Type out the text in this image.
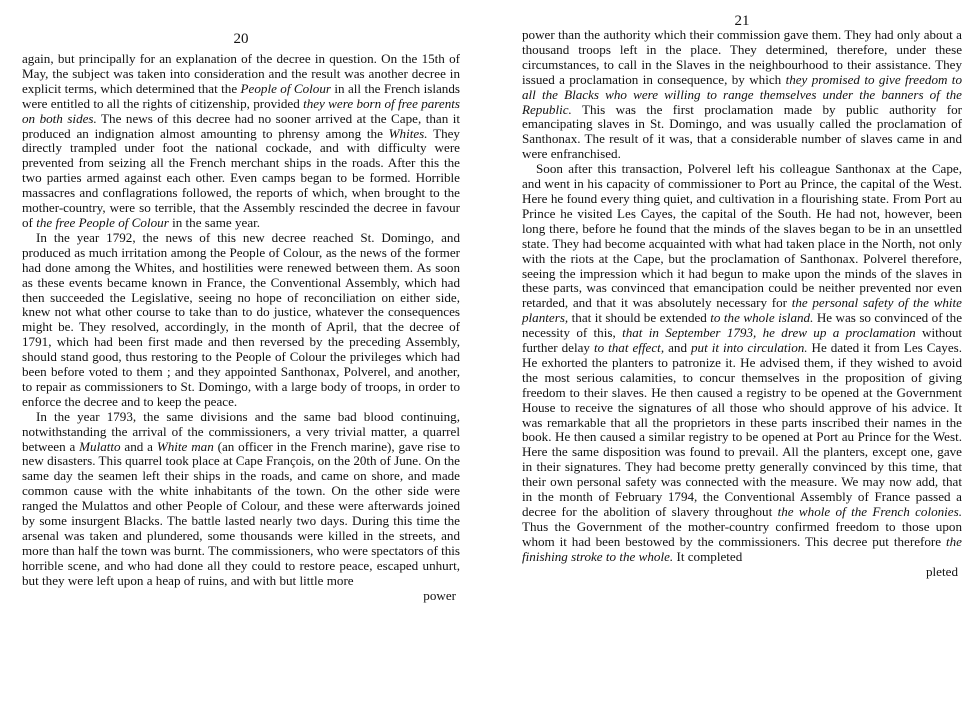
20

again, but principally for an explanation of the decree in question. On the 15th of May, the subject was taken into consideration and the result was another decree in explicit terms, which determined that the People of Colour in all the French islands were entitled to all the rights of citizenship, provided they were born of free parents on both sides. The news of this decree had no sooner arrived at the Cape, than it produced an indignation almost amounting to phrensy among the Whites. They directly trampled under foot the national cockade, and with difficulty were prevented from seizing all the French merchant ships in the roads. After this the two parties armed against each other. Even camps began to be formed. Horrible massacres and conflagrations followed, the reports of which, when brought to the mother-country, were so terrible, that the Assembly rescinded the decree in favour of the free People of Colour in the same year.

In the year 1792, the news of this new decree reached St. Domingo, and produced as much irritation among the People of Colour, as the news of the former had done among the Whites, and hostilities were renewed between them. As soon as these events became known in France, the Conventional Assembly, which had then succeeded the Legislative, seeing no hope of reconciliation on either side, knew not what other course to take than to do justice, whatever the consequences might be. They resolved, accordingly, in the month of April, that the decree of 1791, which had been first made and then reversed by the preceding Assembly, should stand good, thus restoring to the People of Colour the privileges which had been before voted to them ; and they appointed Santhonax, Polverel, and another, to repair as commissioners to St. Domingo, with a large body of troops, in order to enforce the decree and to keep the peace.

In the year 1793, the same divisions and the same bad blood continuing, notwithstanding the arrival of the commissioners, a very trivial matter, a quarrel between a Mulatto and a White man (an officer in the French marine), gave rise to new disasters. This quarrel took place at Cape François, on the 20th of June. On the same day the seamen left their ships in the roads, and came on shore, and made common cause with the white inhabitants of the town. On the other side were ranged the Mulattos and other People of Colour, and these were afterwards joined by some insurgent Blacks. The battle lasted nearly two days. During this time the arsenal was taken and plundered, some thousands were killed in the streets, and more than half the town was burnt. The commissioners, who were spectators of this horrible scene, and who had done all they could to restore peace, escaped unhurt, but they were left upon a heap of ruins, and with but little more

power
21

power than the authority which their commission gave them. They had only about a thousand troops left in the place. They determined, therefore, under these circumstances, to call in the Slaves in the neighbourhood to their assistance. They issued a proclamation in consequence, by which they promised to give freedom to all the Blacks who were willing to range themselves under the banners of the Republic. This was the first proclamation made by public authority for emancipating slaves in St. Domingo, and was usually called the proclamation of Santhonax. The result of it was, that a considerable number of slaves came in and were enfranchised.

Soon after this transaction, Polverel left his colleague Santhonax at the Cape, and went in his capacity of commissioner to Port au Prince, the capital of the West. Here he found every thing quiet, and cultivation in a flourishing state. From Port au Prince he visited Les Cayes, the capital of the South. He had not, however, been long there, before he found that the minds of the slaves began to be in an unsettled state. They had become acquainted with what had taken place in the North, not only with the riots at the Cape, but the proclamation of Santhonax. Polverel therefore, seeing the impression which it had begun to make upon the minds of the slaves in these parts, was convinced that emancipation could be neither prevented nor even retarded, and that it was absolutely necessary for the personal safety of the white planters, that it should be extended to the whole island. He was so convinced of the necessity of this, that in September 1793, he drew up a proclamation without further delay to that effect, and put it into circulation. He dated it from Les Cayes. He exhorted the planters to patronize it. He advised them, if they wished to avoid the most serious calamities, to concur themselves in the proposition of giving freedom to their slaves. He then caused a registry to be opened at the Government House to receive the signatures of all those who should approve of his advice. It was remarkable that all the proprietors in these parts inscribed their names in the book. He then caused a similar registry to be opened at Port au Prince for the West. Here the same disposition was found to prevail. All the planters, except one, gave in their signatures. They had become pretty generally convinced by this time, that their own personal safety was connected with the measure. We may now add, that in the month of February 1794, the Conventional Assembly of France passed a decree for the abolition of slavery throughout the whole of the French colonies. Thus the Government of the mother-country confirmed freedom to those upon whom it had been bestowed by the commissioners. This decree put therefore the finishing stroke to the whole. It completed

pleted
